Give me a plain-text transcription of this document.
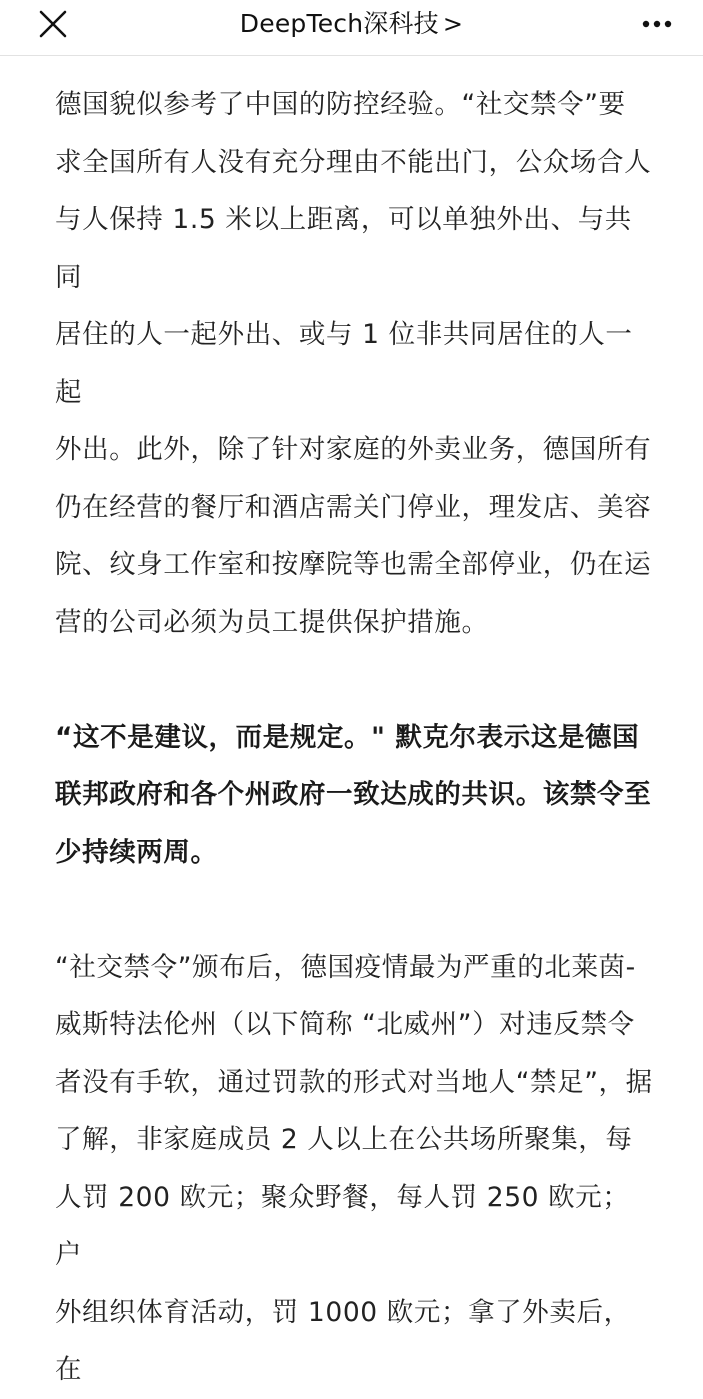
DeepTech深科技 >

德国貌似参考了中国的防控经验。“社交禁令”要

求全国所有人没有充分理由不能出门，公众场合人

与人保持 1.5 米以上距离，可以单独外出、与共同

居住的人一起外出、或与 1 位非共同居住的人一起

外出。此外，除了针对家庭的外卖业务，德国所有

仍在经营的餐厅和酒店需关门停业，理发店、美容

院、纹身工作室和按摩院等也需全部停业，仍在运

营的公司必须为员工提供保护措施。

“这不是建议，而是规定。" 默克尔表示这是德国

联邦政府和各个州政府一致达成的共识。该禁令至

少持续两周。

“社交禁令”颁布后，德国疫情最为严重的北莱茵-

威斯特法伦州（以下简称 “北威州”）对违反禁令

者没有手软，通过罚款的形式对当地人“禁足”，据

了解，非家庭成员 2 人以上在公共场所聚集，每

人罚 200 欧元；聚众野餐，每人罚 250 欧元；户

外组织体育活动，罚 1000 欧元；拿了外卖后，在
